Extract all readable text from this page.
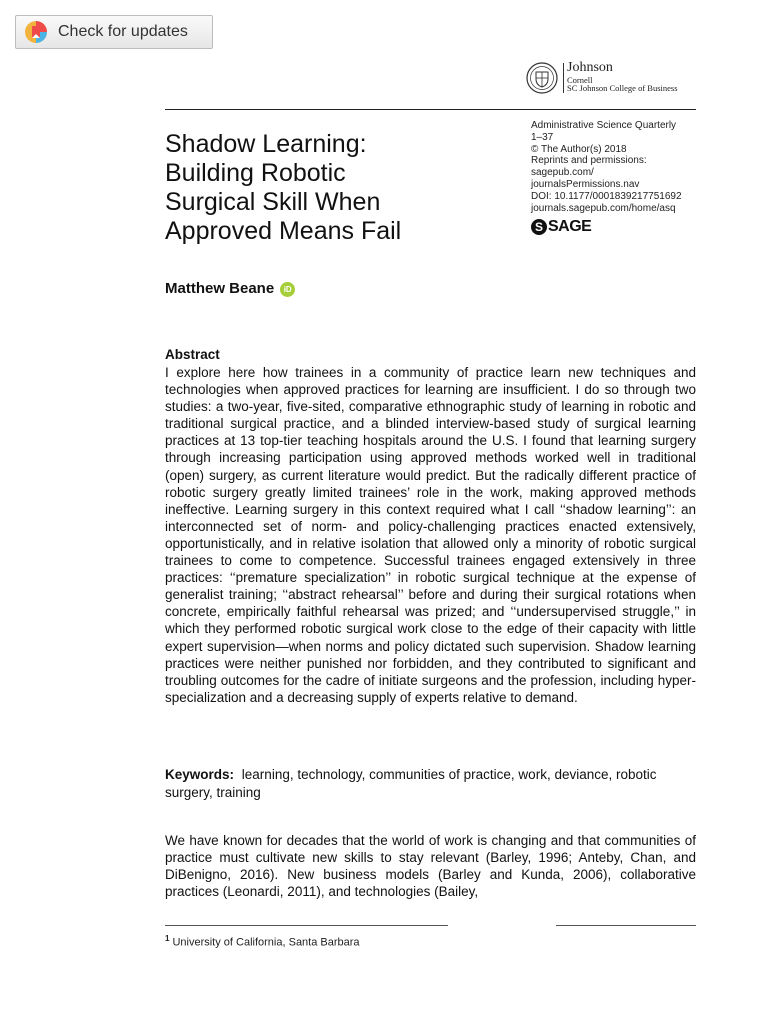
Check for updates
Johnson
Cornell
SC Johnson College of Business
Shadow Learning:
Building Robotic
Surgical Skill When
Approved Means Fail
Administrative Science Quarterly
1–37
© The Author(s) 2018
Reprints and permissions:
sagepub.com/
journalsPermissions.nav
DOI: 10.1177/0001839217751692
journals.sagepub.com/home/asq
S SAGE
Matthew Beane	iD
Abstract

I explore here how trainees in a community of practice learn new techniques and technologies when approved practices for learning are insufficient. I do so through two studies: a two-year, five-sited, comparative ethnographic study of learning in robotic and traditional surgical practice, and a blinded interview-based study of surgical learning practices at 13 top-tier teaching hospitals around the U.S. I found that learning surgery through increasing participation using approved methods worked well in traditional (open) surgery, as current literature would predict. But the radically different practice of robotic surgery greatly limited trainees’ role in the work, making approved methods ineffective. Learning surgery in this context required what I call ‘‘shadow learning’’: an interconnected set of norm- and policy-challenging practices enacted extensively, opportunistically, and in relative isolation that allowed only a minority of robotic surgical trainees to come to competence. Successful trainees engaged extensively in three practices: ‘‘premature specialization’’ in robotic surgical technique at the expense of generalist training; ‘‘abstract rehearsal’’ before and during their surgical rotations when concrete, empirically faithful rehearsal was prized; and ‘‘undersupervised struggle,’’ in which they performed robotic surgical work close to the edge of their capacity with little expert supervision—when norms and policy dictated such supervision. Shadow learning practices were neither punished nor forbidden, and they contributed to significant and troubling outcomes for the cadre of initiate surgeons and the profession, including hyper-specialization and a decreasing supply of experts relative to demand.

Keywords: learning, technology, communities of practice, work, deviance, robotic surgery, training

We have known for decades that the world of work is changing and that communities of practice must cultivate new skills to stay relevant (Barley, 1996; Anteby, Chan, and DiBenigno, 2016). New business models (Barley and Kunda, 2006), collaborative practices (Leonardi, 2011), and technologies (Bailey,

$^1$ University of California, Santa Barbara
